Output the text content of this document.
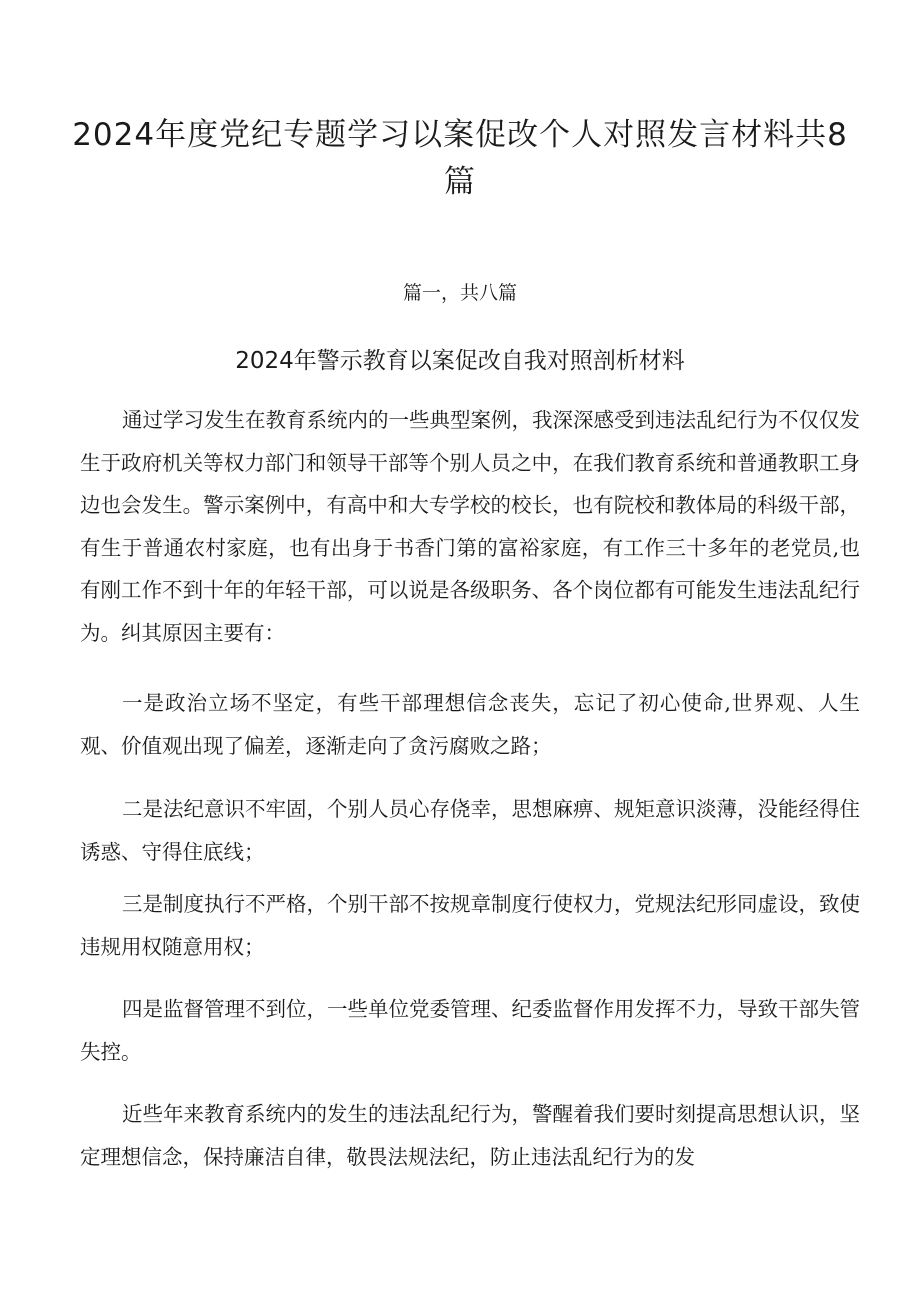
2024年度党纪专题学习以案促改个人对照发言材料共8篇
篇一，共八篇
2024年警示教育以案促改自我对照剖析材料

通过学习发生在教育系统内的一些典型案例，我深深感受到违法乱纪行为不仅仅发生于政府机关等权力部门和领导干部等个别人员之中，在我们教育系统和普通教职工身边也会发生。警示案例中，有高中和大专学校的校长，也有院校和教体局的科级干部，有生于普通农村家庭，也有出身于书香门第的富裕家庭，有工作三十多年的老党员,也有刚工作不到十年的年轻干部，可以说是各级职务、各个岗位都有可能发生违法乱纪行为。纠其原因主要有：

一是政治立场不坚定，有些干部理想信念丧失，忘记了初心使命,世界观、人生观、价值观出现了偏差，逐渐走向了贪污腐败之路；

二是法纪意识不牢固，个别人员心存侥幸，思想麻痹、规矩意识淡薄，没能经得住诱惑、守得住底线；

三是制度执行不严格，个别干部不按规章制度行使权力，党规法纪形同虚设，致使违规用权随意用权；

四是监督管理不到位，一些单位党委管理、纪委监督作用发挥不力，导致干部失管失控。

近些年来教育系统内的发生的违法乱纪行为，警醒着我们要时刻提高思想认识，坚定理想信念，保持廉洁自律，敬畏法规法纪，防止违法乱纪行为的发
